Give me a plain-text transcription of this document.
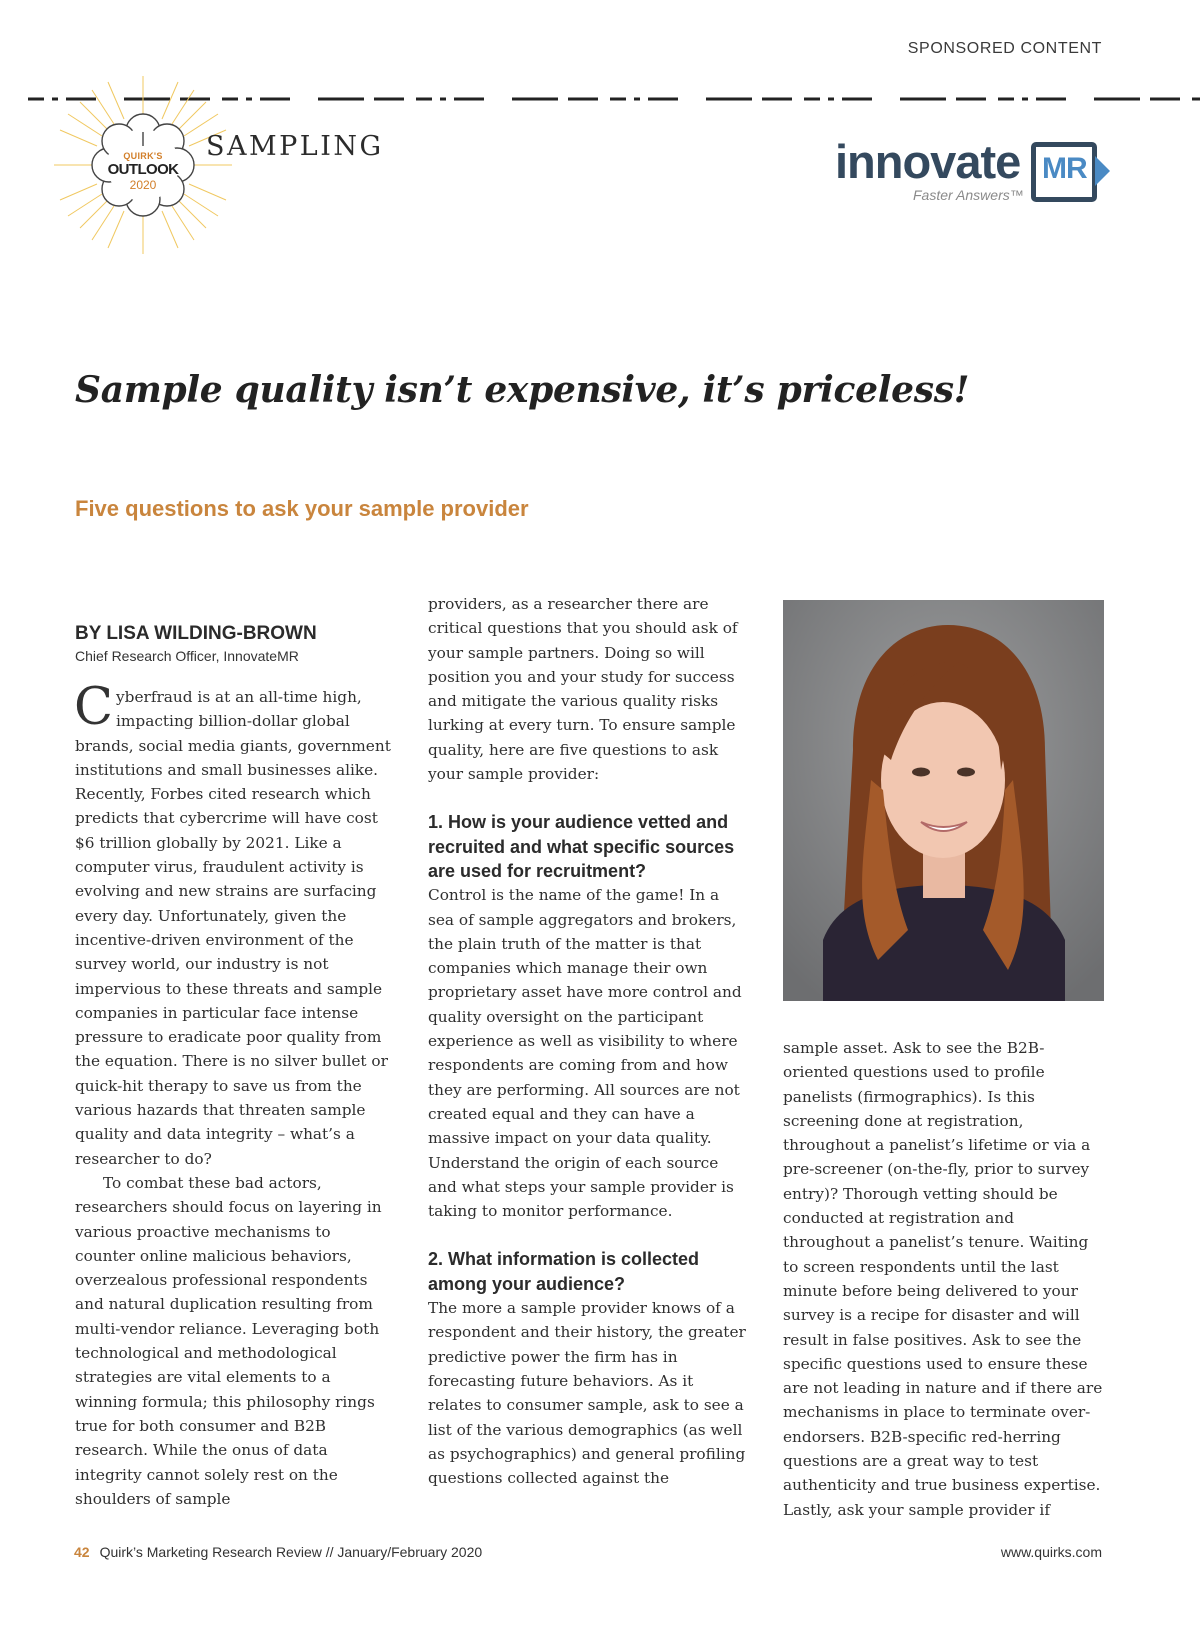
SPONSORED CONTENT
QUIRK'S
OUTLOOK
2020
SAMPLING	innovate MR
Faster Answers™
Sample quality isn’t expensive, it’s priceless!
Five questions to ask your sample provider
BY LISA WILDING-BROWN
Chief Research Officer, InnovateMR

Cyberfraud is at an all-time high, impacting billion-dollar global brands, social media giants, government institutions and small businesses alike. Recently, Forbes cited research which predicts that cybercrime will have cost $6 trillion globally by 2021. Like a computer virus, fraudulent activity is evolving and new strains are surfacing every day. Unfortunately, given the incentive-driven environment of the survey world, our industry is not impervious to these threats and sample companies in particular face intense pressure to eradicate poor quality from the equation. There is no silver bullet or quick-hit therapy to save us from the various hazards that threaten sample quality and data integrity – what’s a researcher to do?

To combat these bad actors, researchers should focus on layering in various proactive mechanisms to counter online malicious behaviors, overzealous professional respondents and natural duplication resulting from multi-vendor reliance. Leveraging both technological and methodological strategies are vital elements to a winning formula; this philosophy rings true for both consumer and B2B research. While the onus of data integrity cannot solely rest on the shoulders of sample

providers, as a researcher there are critical questions that you should ask of your sample partners. Doing so will position you and your study for success and mitigate the various quality risks lurking at every turn. To ensure sample quality, here are five questions to ask your sample provider:

1. How is your audience vetted and recruited and what specific sources are used for recruitment?

Control is the name of the game! In a sea of sample aggregators and brokers, the plain truth of the matter is that companies which manage their own proprietary asset have more control and quality oversight on the participant experience as well as visibility to where respondents are coming from and how they are performing. All sources are not created equal and they can have a massive impact on your data quality. Understand the origin of each source and what steps your sample provider is taking to monitor performance.

2. What information is collected among your audience?

The more a sample provider knows of a respondent and their history, the greater predictive power the firm has in forecasting future behaviors. As it relates to consumer sample, ask to see a list of the various demographics (as well as psychographics) and general profiling questions collected against the

sample asset. Ask to see the B2B-oriented questions used to profile panelists (firmographics). Is this screening done at registration, throughout a panelist’s lifetime or via a pre-screener (on-the-fly, prior to survey entry)? Thorough vetting should be conducted at registration and throughout a panelist’s tenure. Waiting to screen respondents until the last minute before being delivered to your survey is a recipe for disaster and will result in false positives. Ask to see the specific questions used to ensure these are not leading in nature and if there are mechanisms in place to terminate over-endorsers. B2B-specific red-herring questions are a great way to test authenticity and true business expertise. Lastly, ask your sample provider if

42 Quirk’s Marketing Research Review // January/February 2020	www.quirks.com
